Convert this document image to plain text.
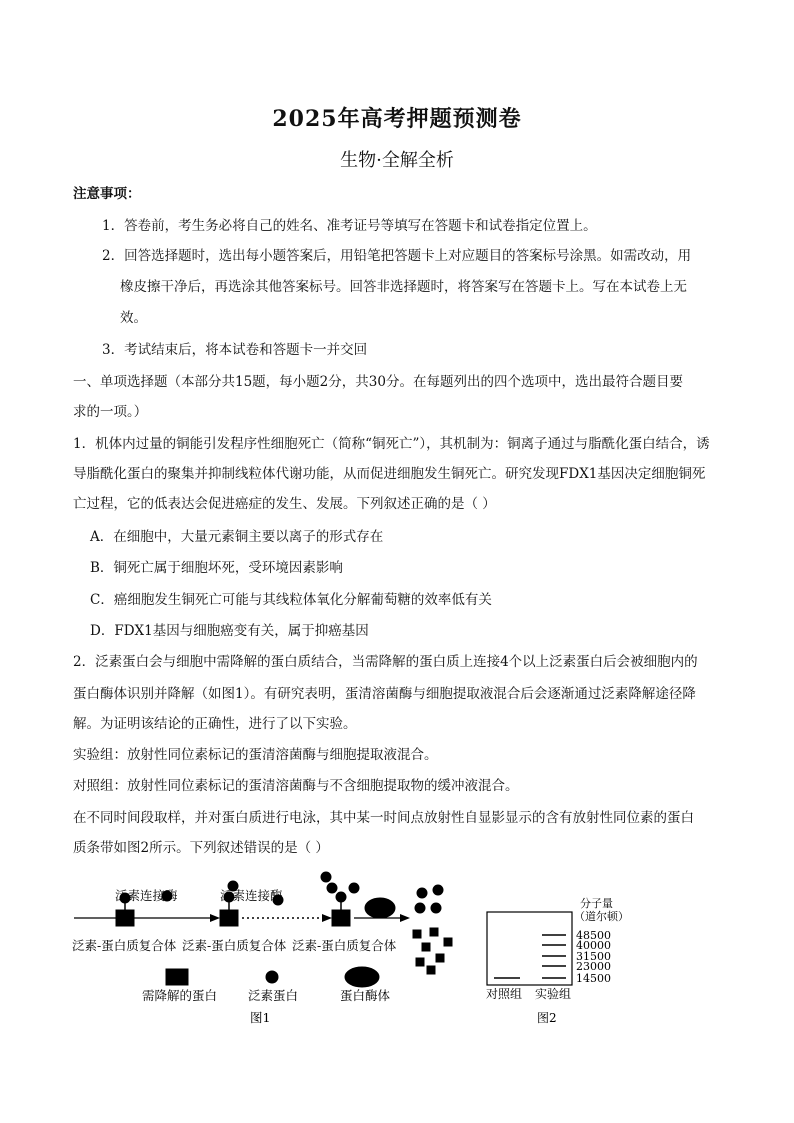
2025年高考押题预测卷
生物·全解全析
注意事项：
1．答卷前，考生务必将自己的姓名、准考证号等填写在答题卡和试卷指定位置上。
2．回答选择题时，选出每小题答案后，用铅笔把答题卡上对应题目的答案标号涂黑。如需改动，用
橡皮擦干净后，再选涂其他答案标号。回答非选择题时，将答案写在答题卡上。写在本试卷上无
效。
3．考试结束后，将本试卷和答题卡一并交回
一、单项选择题（本部分共15题，每小题2分，共30分。在每题列出的四个选项中，选出最符合题目要
求的一项。）
1．机体内过量的铜能引发程序性细胞死亡（简称“铜死亡”），其机制为：铜离子通过与脂酰化蛋白结合，诱
导脂酰化蛋白的聚集并抑制线粒体代谢功能，从而促进细胞发生铜死亡。研究发现FDX1基因决定细胞铜死
亡过程，它的低表达会促进癌症的发生、发展。下列叙述正确的是（ ）
A．在细胞中，大量元素铜主要以离子的形式存在
B．铜死亡属于细胞坏死，受环境因素影响
C．癌细胞发生铜死亡可能与其线粒体氧化分解葡萄糖的效率低有关
D．FDX1基因与细胞癌变有关，属于抑癌基因
2．泛素蛋白会与细胞中需降解的蛋白质结合，当需降解的蛋白质上连接4个以上泛素蛋白后会被细胞内的
蛋白酶体识别并降解（如图1）。有研究表明，蛋清溶菌酶与细胞提取液混合后会逐渐通过泛素降解途径降
解。为证明该结论的正确性，进行了以下实验。
实验组：放射性同位素标记的蛋清溶菌酶与细胞提取液混合。
对照组：放射性同位素标记的蛋清溶菌酶与不含细胞提取物的缓冲液混合。
在不同时间段取样，并对蛋白质进行电泳，其中某一时间点放射性自显影显示的含有放射性同位素的蛋白
质条带如图2所示。下列叙述错误的是（ ）
泛素连接酶	泛素连接酶
泛素-蛋白质复合体 泛素-蛋白质复合体 泛素-蛋白质复合体
需降解的蛋白 泛素蛋白	蛋白酶体
图1
分子量
（道尔顿）
48500
40000
31500
23000
14500
对照组 实验组
图2
